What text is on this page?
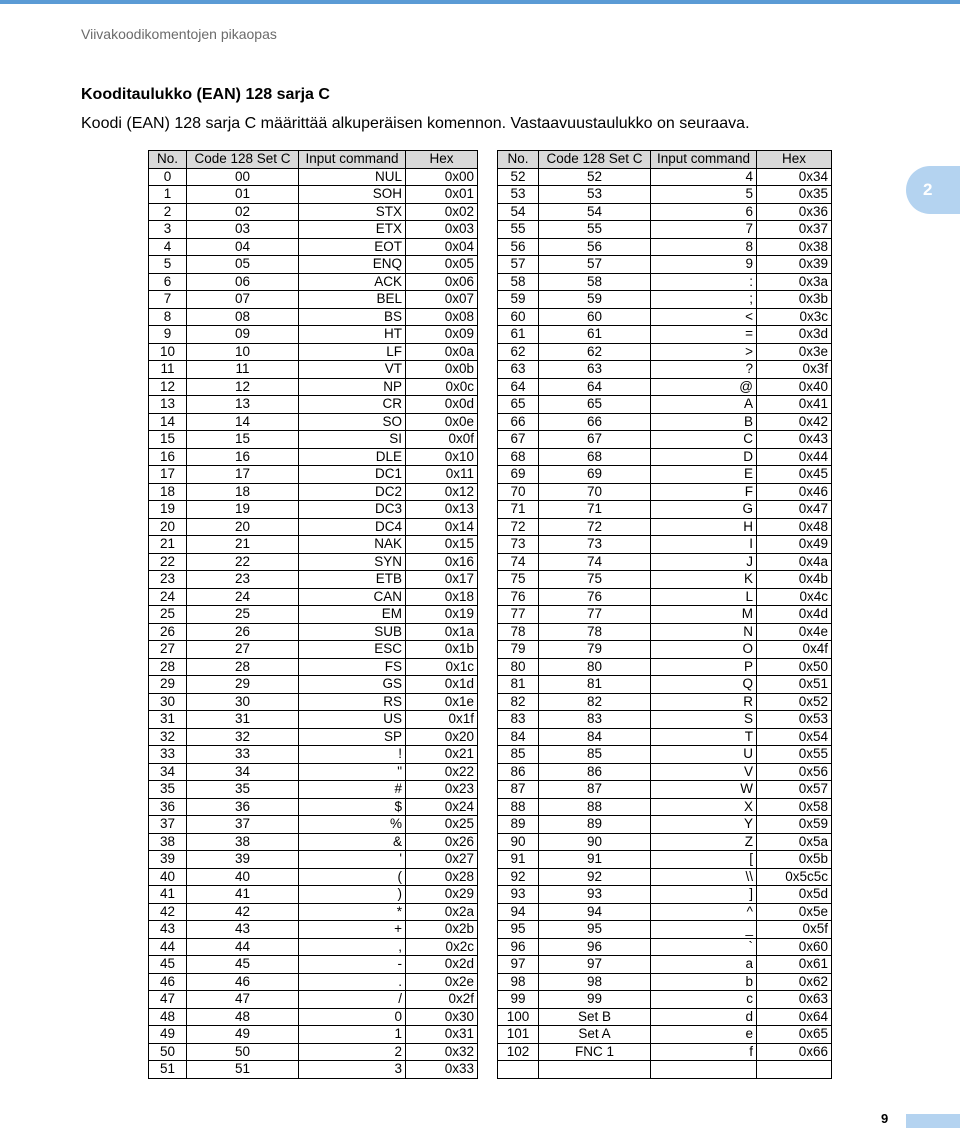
Viivakoodikomentojen pikaopas
Kooditaulukko (EAN) 128 sarja C
Koodi (EAN) 128 sarja C määrittää alkuperäisen komennon. Vastaavuustaulukko on seuraava.
2
No.	Code 128 Set C	Input command	Hex
0	00	NUL	0x00
1	01	SOH	0x01
2	02	STX	0x02
3	03	ETX	0x03
4	04	EOT	0x04
5	05	ENQ	0x05
6	06	ACK	0x06
7	07	BEL	0x07
8	08	BS	0x08
9	09	HT	0x09
10	10	LF	0x0a
11	11	VT	0x0b
12	12	NP	0x0c
13	13	CR	0x0d
14	14	SO	0x0e
15	15	SI	0x0f
16	16	DLE	0x10
17	17	DC1	0x11
18	18	DC2	0x12
19	19	DC3	0x13
20	20	DC4	0x14
21	21	NAK	0x15
22	22	SYN	0x16
23	23	ETB	0x17
24	24	CAN	0x18
25	25	EM	0x19
26	26	SUB	0x1a
27	27	ESC	0x1b
28	28	FS	0x1c
29	29	GS	0x1d
30	30	RS	0x1e
31	31	US	0x1f
32	32	SP	0x20
33	33	!	0x21
34	34	"	0x22
35	35	#	0x23
36	36	$	0x24
37	37	%	0x25
38	38	&	0x26
39	39	'	0x27
40	40	(	0x28
41	41	)	0x29
42	42	*	0x2a
43	43	+	0x2b
44	44	,	0x2c
45	45	-	0x2d
46	46	.	0x2e
47	47	/	0x2f
48	48	0	0x30
49	49	1	0x31
50	50	2	0x32
51	51	3	0x33
No.	Code 128 Set C	Input command	Hex
52	52	4	0x34
53	53	5	0x35
54	54	6	0x36
55	55	7	0x37
56	56	8	0x38
57	57	9	0x39
58	58	:	0x3a
59	59	;	0x3b
60	60	<	0x3c
61	61	=	0x3d
62	62	>	0x3e
63	63	?	0x3f
64	64	@	0x40
65	65	A	0x41
66	66	B	0x42
67	67	C	0x43
68	68	D	0x44
69	69	E	0x45
70	70	F	0x46
71	71	G	0x47
72	72	H	0x48
73	73	I	0x49
74	74	J	0x4a
75	75	K	0x4b
76	76	L	0x4c
77	77	M	0x4d
78	78	N	0x4e
79	79	O	0x4f
80	80	P	0x50
81	81	Q	0x51
82	82	R	0x52
83	83	S	0x53
84	84	T	0x54
85	85	U	0x55
86	86	V	0x56
87	87	W	0x57
88	88	X	0x58
89	89	Y	0x59
90	90	Z	0x5a
91	91	[	0x5b
92	92	\\	0x5c5c
93	93	]	0x5d
94	94	^	0x5e
95	95	_	0x5f
96	96	`	0x60
97	97	a	0x61
98	98	b	0x62
99	99	c	0x63
100	Set B	d	0x64
101	Set A	e	0x65
102	FNC 1	f	0x66

9
